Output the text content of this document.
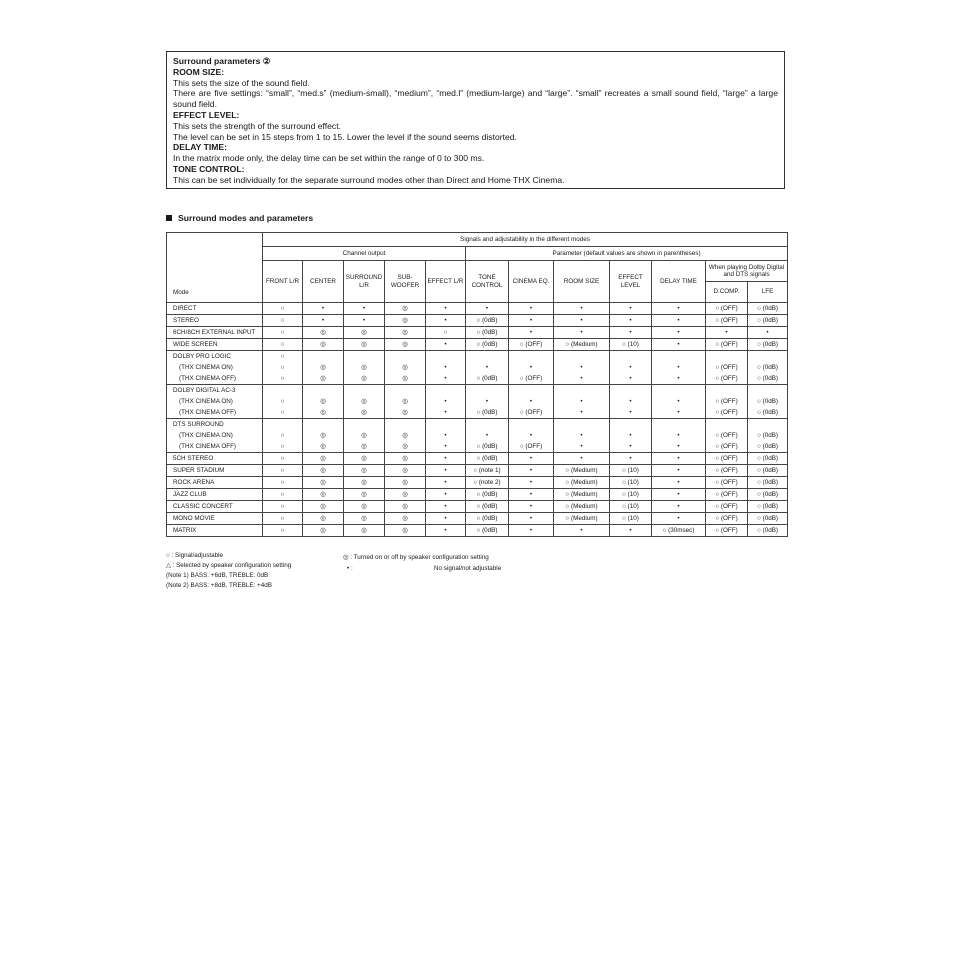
Surround parameters ②
ROOM SIZE:

This sets the size of the sound field.

There are five settings: “small”, “med.s” (medium-small), “medium”, “med.l” (medium-large) and “large”. “small” recreates a small sound field, “large” a large sound field.

EFFECT LEVEL:

This sets the strength of the surround effect.

The level can be set in 15 steps from 1 to 15. Lower the level if the sound seems distorted.

DELAY TIME:

In the matrix mode only, the delay time can be set within the range of 0 to 300 ms.

TONE CONTROL:

This can be set individually for the separate surround modes other than Direct and Home THX Cinema.

Surround modes and parameters
Mode	Signals and adjustability in the different modes											
	Channel output					Parameter (default values are shown in parentheses)						
	FRONT L/R	CENTER	SURROUND L/R	SUB-WOOFER	EFFECT L/R	TONE CONTROL	CINEMA EQ.	ROOM SIZE	EFFECT LEVEL	DELAY TIME	When playing Dolby Digital and DTS signals	
											D.COMP.	LFE
DIRECT	○	•	•	◎	•	•	•	•	•	•	○ (OFF)	○ (0dB)
STEREO	○	•	•	◎	•	○ (0dB)	•	•	•	•	○ (OFF)	○ (0dB)
6CH/8CH EXTERNAL INPUT	○	◎	◎	◎	○	○ (0dB)	•	•	•	•	•	•
WIDE SCREEN	○	◎	◎	◎	•	○ (0dB)	○ (OFF)	○ (Medium)	○ (10)	•	○ (OFF)	○ (0dB)
DOLBY PRO LOGIC	○											
(THX CINEMA ON)	○	◎	◎	◎	•	•	•	•	•	•	○ (OFF)	○ (0dB)
(THX CINEMA OFF)	○	◎	◎	◎	•	○ (0dB)	○ (OFF)	•	•	•	○ (OFF)	○ (0dB)
DOLBY DIGITAL AC-3												
(THX CINEMA ON)	○	◎	◎	◎	•	•	•	•	•	•	○ (OFF)	○ (0dB)
(THX CINEMA OFF)	○	◎	◎	◎	•	○ (0dB)	○ (OFF)	•	•	•	○ (OFF)	○ (0dB)
DTS SURROUND												
(THX CINEMA ON)	○	◎	◎	◎	•	•	•	•	•	•	○ (OFF)	○ (0dB)
(THX CINEMA OFF)	○	◎	◎	◎	•	○ (0dB)	○ (OFF)	•	•	•	○ (OFF)	○ (0dB)
5CH STEREO	○	◎	◎	◎	•	○ (0dB)	•	•	•	•	○ (OFF)	○ (0dB)
SUPER STADIUM	○	◎	◎	◎	•	○ (note 1)	•	○ (Medium)	○ (10)	•	○ (OFF)	○ (0dB)
ROCK ARENA	○	◎	◎	◎	•	○ (note 2)	•	○ (Medium)	○ (10)	•	○ (OFF)	○ (0dB)
JAZZ CLUB	○	◎	◎	◎	•	○ (0dB)	•	○ (Medium)	○ (10)	•	○ (OFF)	○ (0dB)
CLASSIC CONCERT	○	◎	◎	◎	•	○ (0dB)	•	○ (Medium)	○ (10)	•	○ (OFF)	○ (0dB)
MONO MOVIE	○	◎	◎	◎	•	○ (0dB)	•	○ (Medium)	○ (10)	•	○ (OFF)	○ (0dB)
MATRIX	○	◎	◎	◎	•	○ (0dB)	•	•	•	○ (30msec)	○ (OFF)	○ (0dB)
○ : Signal/adjustable
△ : Selected by speaker configuration setting
(Note 1) BASS: +6dB, TREBLE: 0dB
(Note 2) BASS: +8dB, TREBLE: +4dB
◎ : Turned on or off by speaker configuration setting
• :	No signal/not adjustable
